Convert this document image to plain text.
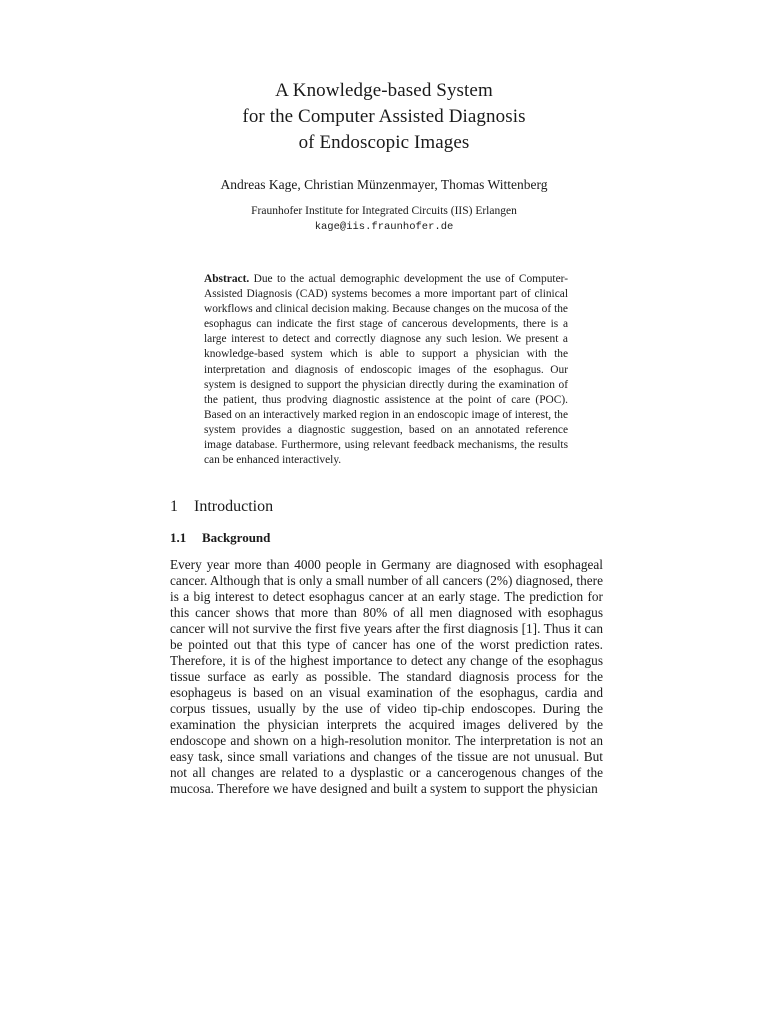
A Knowledge-based System
for the Computer Assisted Diagnosis
of Endoscopic Images
Andreas Kage, Christian Münzenmayer, Thomas Wittenberg
Fraunhofer Institute for Integrated Circuits (IIS) Erlangen
kage@iis.fraunhofer.de
Abstract. Due to the actual demographic development the use of Computer-Assisted Diagnosis (CAD) systems becomes a more important part of clinical workflows and clinical decision making. Because changes on the mucosa of the esophagus can indicate the first stage of cancerous developments, there is a large interest to detect and correctly diagnose any such lesion. We present a knowledge-based system which is able to support a physician with the interpretation and diagnosis of endoscopic images of the esophagus. Our system is designed to support the physician directly during the examination of the patient, thus prodving diagnostic assistence at the point of care (POC). Based on an interactively marked region in an endoscopic image of interest, the system provides a diagnostic suggestion, based on an annotated reference image database. Furthermore, using relevant feedback mechanisms, the results can be enhanced interactively.
1 Introduction
1.1 Background

Every year more than 4000 people in Germany are diagnosed with esophageal cancer. Although that is only a small number of all cancers (2%) diagnosed, there is a big interest to detect esophagus cancer at an early stage. The prediction for this cancer shows that more than 80% of all men diagnosed with esophagus cancer will not survive the first five years after the first diagnosis [1]. Thus it can be pointed out that this type of cancer has one of the worst prediction rates. Therefore, it is of the highest importance to detect any change of the esophagus tissue surface as early as possible. The standard diagnosis process for the esophageus is based on an visual examination of the esophagus, cardia and corpus tissues, usually by the use of video tip-chip endoscopes. During the examination the physician interprets the acquired images delivered by the endoscope and shown on a high-resolution monitor. The interpretation is not an easy task, since small variations and changes of the tissue are not unusual. But not all changes are related to a dysplastic or a cancerogenous changes of the mucosa. Therefore we have designed and built a system to support the physician
